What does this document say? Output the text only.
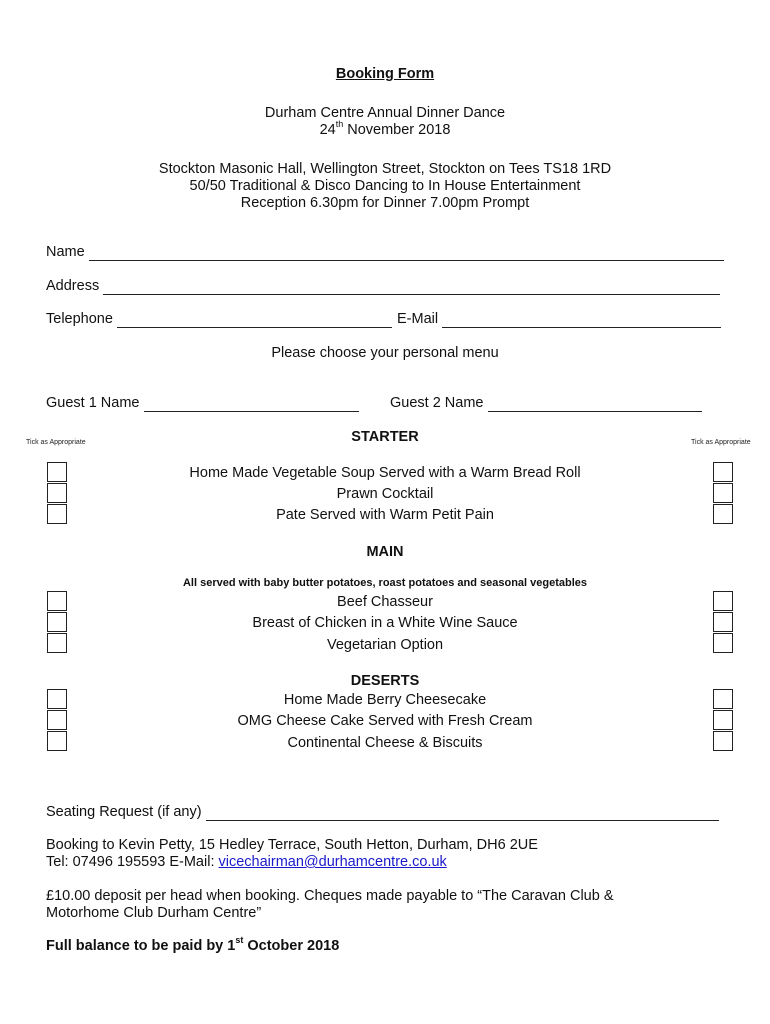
Booking Form
Durham Centre Annual Dinner Dance
24th November 2018
Stockton Masonic Hall, Wellington Street, Stockton on Tees TS18 1RD
50/50 Traditional & Disco Dancing to In House Entertainment
Reception 6.30pm for Dinner 7.00pm Prompt
Name
Address
Telephone	E-Mail
Please choose your personal menu
Guest 1 Name	Guest 2 Name
Tick as Appropriate	Tick as Appropriate
STARTER
Home Made Vegetable Soup Served with a Warm Bread Roll
Prawn Cocktail
Pate Served with Warm Petit Pain
MAIN
All served with baby butter potatoes, roast potatoes and seasonal vegetables
Beef Chasseur
Breast of Chicken in a White Wine Sauce
Vegetarian Option
DESERTS
Home Made Berry Cheesecake
OMG Cheese Cake Served with Fresh Cream
Continental Cheese & Biscuits
Seating Request (if any)
Booking to Kevin Petty, 15 Hedley Terrace, South Hetton, Durham, DH6 2UE
Tel: 07496 195593 E-Mail: vicechairman@durhamcentre.co.uk
£10.00 deposit per head when booking. Cheques made payable to “The Caravan Club &
Motorhome Club Durham Centre”
Full balance to be paid by 1st October 2018
